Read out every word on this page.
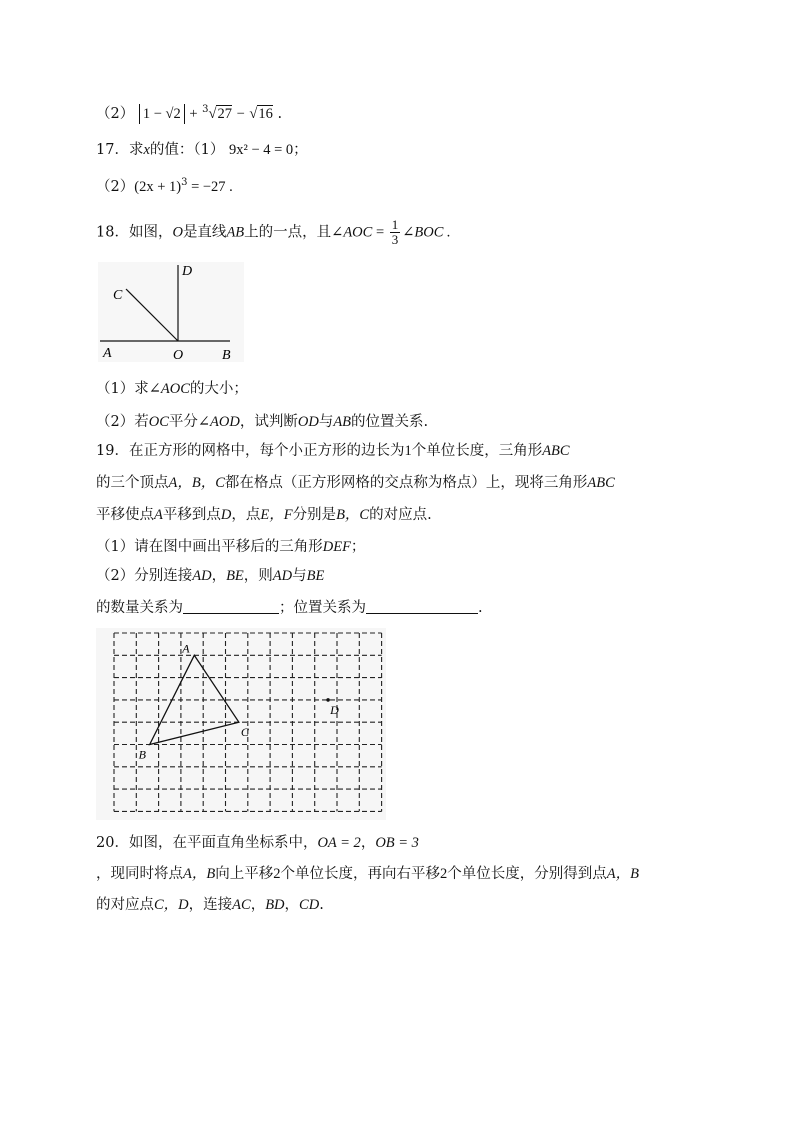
（2） 1 − √2 + $^3$√27 − √16 .
17．求x的值：（1） 9x² − 4 = 0；
$(2)(2x + 1)^3 = -27$ .
18．如图，O是直线AB上的一点，且∠AOC = $\frac{1}{3}$ ∠BOC .
A	O	B
C
D
（1）求∠AOC的大小；
（2）若OC平分∠AOD，试判断OD与AB的位置关系.
19．在正方形的网格中，每个小正方形的边长为1个单位长度，三角形ABC
的三个顶点A，B，C都在格点（正方形网格的交点称为格点）上，现将三角形ABC
平移使点A平移到点D，点E，F分别是B，C的对应点.
（1）请在图中画出平移后的三角形DEF；
（2）分别连接AD，BE，则AD与BE
的数量关系为	；位置关系为	.
A
B
C
D
20．如图，在平面直角坐标系中，OA = 2，OB = 3
，现同时将点A，B向上平移2个单位长度，再向右平移2个单位长度，分别得到点A，B
的对应点C，D，连接AC，BD，CD.
